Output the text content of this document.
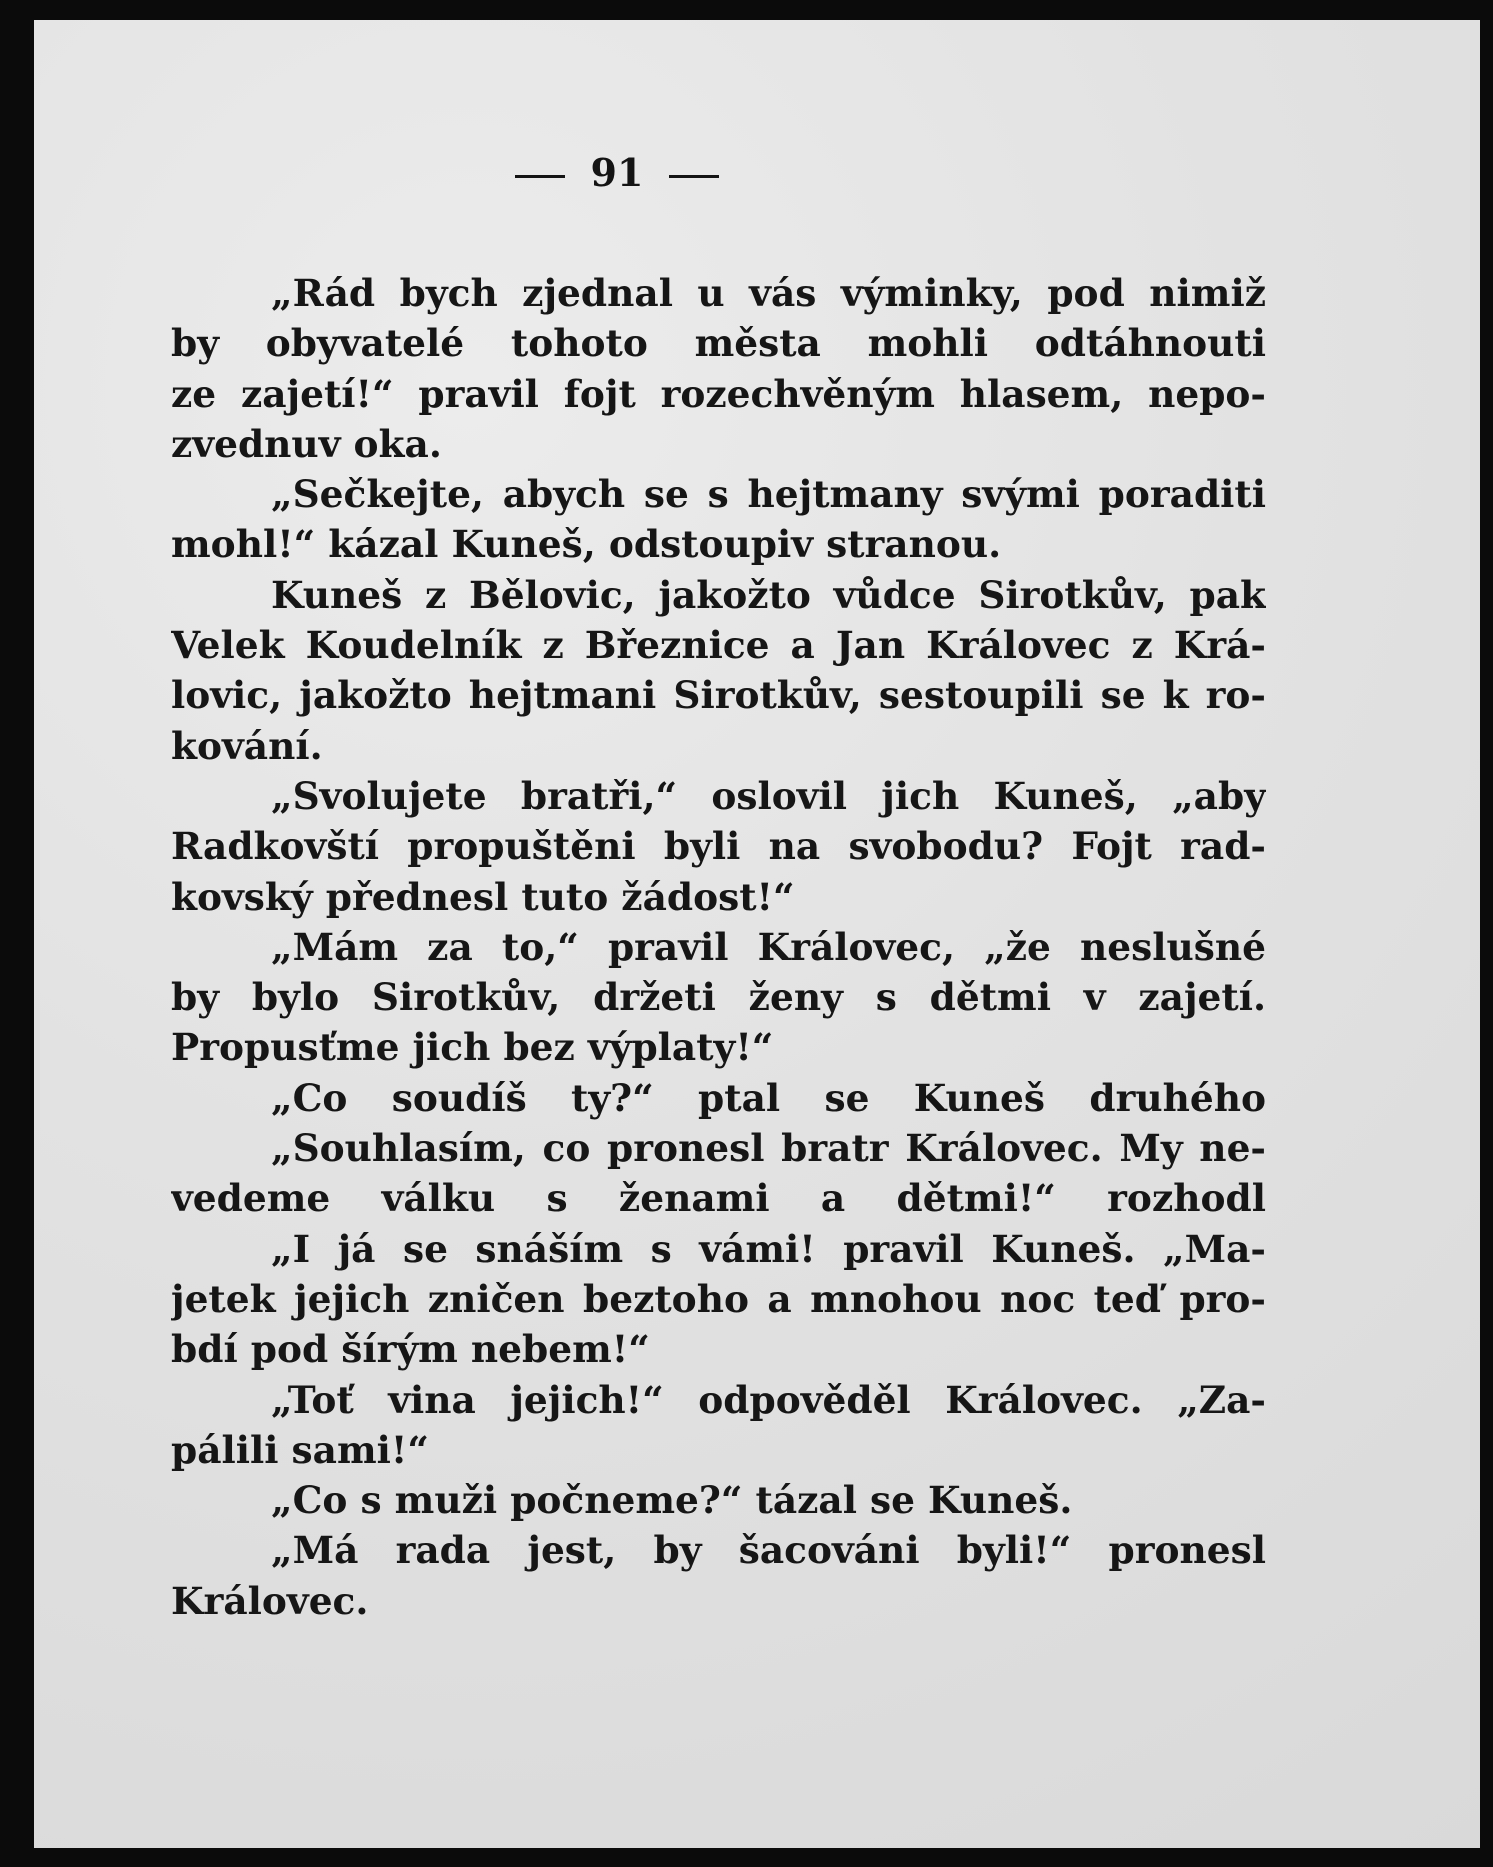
91
„Rád bych zjednal u vás výminky, pod nimiž
by obyvatelé tohoto města mohli odtáhnouti
ze zajetí!“ pravil fojt rozechvěným hlasem, nepo-
zvednuv oka.
„Sečkejte, abych se s hejtmany svými poraditi
mohl!“ kázal Kuneš, odstoupiv stranou.
Kuneš z Bělovic, jakožto vůdce Sirotkův, pak
Velek Koudelník z Březnice a Jan Královec z Krá-
lovic, jakožto hejtmani Sirotkův, sestoupili se k ro-
kování.
„Svolujete bratři,“ oslovil jich Kuneš, „aby
Radkovští propuštěni byli na svobodu? Fojt rad-
kovský přednesl tuto žádost!“
„Mám za to,“ pravil Královec, „že neslušné
by bylo Sirotkův, držeti ženy s dětmi v zajetí.
Propusťme jich bez výplaty!“
„Co soudíš ty?“ ptal se Kuneš druhého
„Souhlasím, co pronesl bratr Královec. My ne-
vedeme válku s ženami a dětmi!“ rozhodl
„I já se snáším s vámi! pravil Kuneš. „Ma-
jetek jejich zničen beztoho a mnohou noc teď pro-
bdí pod šírým nebem!“
„Toť vina jejich!“ odpověděl Královec. „Za-
pálili sami!“
„Co s muži počneme?“ tázal se Kuneš.
„Má rada jest, by šacováni byli!“ pronesl
Královec.
